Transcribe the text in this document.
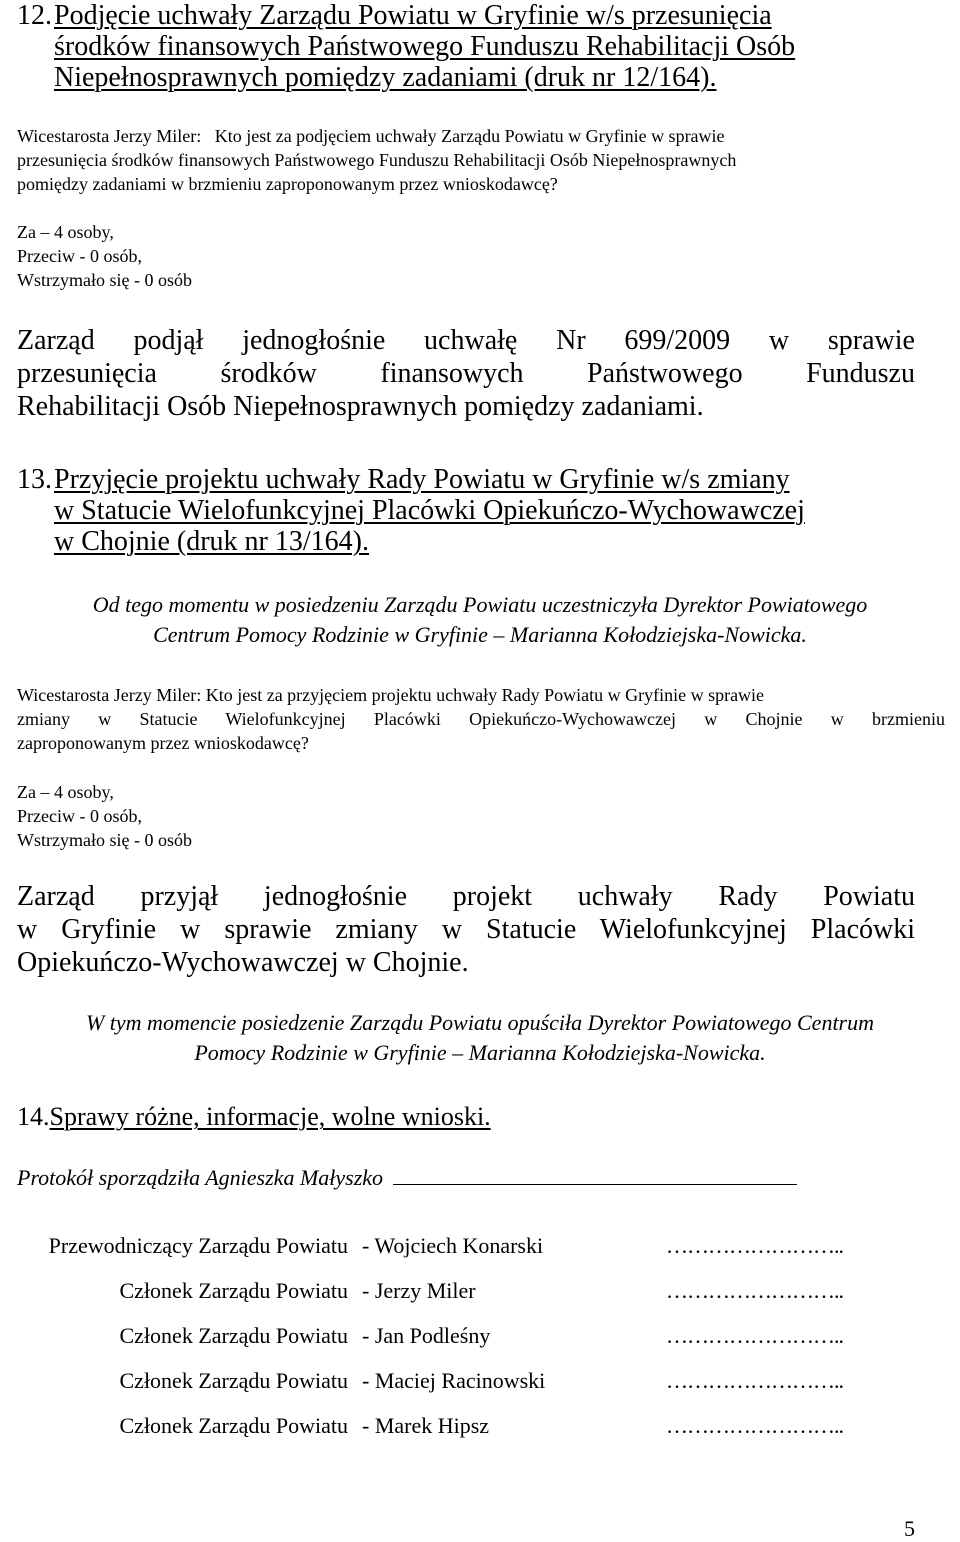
12. Podjęcie uchwały Zarządu Powiatu w Gryfinie w/s przesunięcia
środków finansowych Państwowego Funduszu Rehabilitacji Osób
Niepełnosprawnych pomiędzy zadaniami (druk nr 12/164).
Wicestarosta Jerzy Miler: Kto jest za podjęciem uchwały Zarządu Powiatu w Gryfinie w sprawie
przesunięcia środków finansowych Państwowego Funduszu Rehabilitacji Osób Niepełnosprawnych
pomiędzy zadaniami w brzmieniu zaproponowanym przez wnioskodawcę?
Za – 4 osoby,
Przeciw - 0 osób,
Wstrzymało się - 0 osób
Zarząd podjął jednogłośnie uchwałę Nr 699/2009 w sprawie
przesunięcia środków finansowych Państwowego Funduszu
Rehabilitacji Osób Niepełnosprawnych pomiędzy zadaniami.
13. Przyjęcie projektu uchwały Rady Powiatu w Gryfinie w/s zmiany
w Statucie Wielofunkcyjnej Placówki Opiekuńczo-Wychowawczej
w Chojnie (druk nr 13/164).
Od tego momentu w posiedzeniu Zarządu Powiatu uczestniczyła Dyrektor Powiatowego
Centrum Pomocy Rodzinie w Gryfinie – Marianna Kołodziejska-Nowicka.
Wicestarosta Jerzy Miler: Kto jest za przyjęciem projektu uchwały Rady Powiatu w Gryfinie w sprawie
zmiany w Statucie Wielofunkcyjnej Placówki Opiekuńczo-Wychowawczej w Chojnie w brzmieniu
zaproponowanym przez wnioskodawcę?
Za – 4 osoby,
Przeciw - 0 osób,
Wstrzymało się - 0 osób
Zarząd przyjął jednogłośnie projekt uchwały Rady Powiatu
w Gryfinie w sprawie zmiany w Statucie Wielofunkcyjnej Placówki
Opiekuńczo-Wychowawczej w Chojnie.
W tym momencie posiedzenie Zarządu Powiatu opuściła Dyrektor Powiatowego Centrum
Pomocy Rodzinie w Gryfinie – Marianna Kołodziejska-Nowicka.
14.Sprawy różne, informacje, wolne wnioski.
Protokół sporządziła Agnieszka Małyszko
Przewodniczący Zarządu Powiatu - Wojciech Konarski	……………………..
Członek Zarządu Powiatu - Jerzy Miler	……………………..
Członek Zarządu Powiatu - Jan Podleśny	……………………..
Członek Zarządu Powiatu - Maciej Racinowski	……………………..
Członek Zarządu Powiatu - Marek Hipsz	……………………..
5
